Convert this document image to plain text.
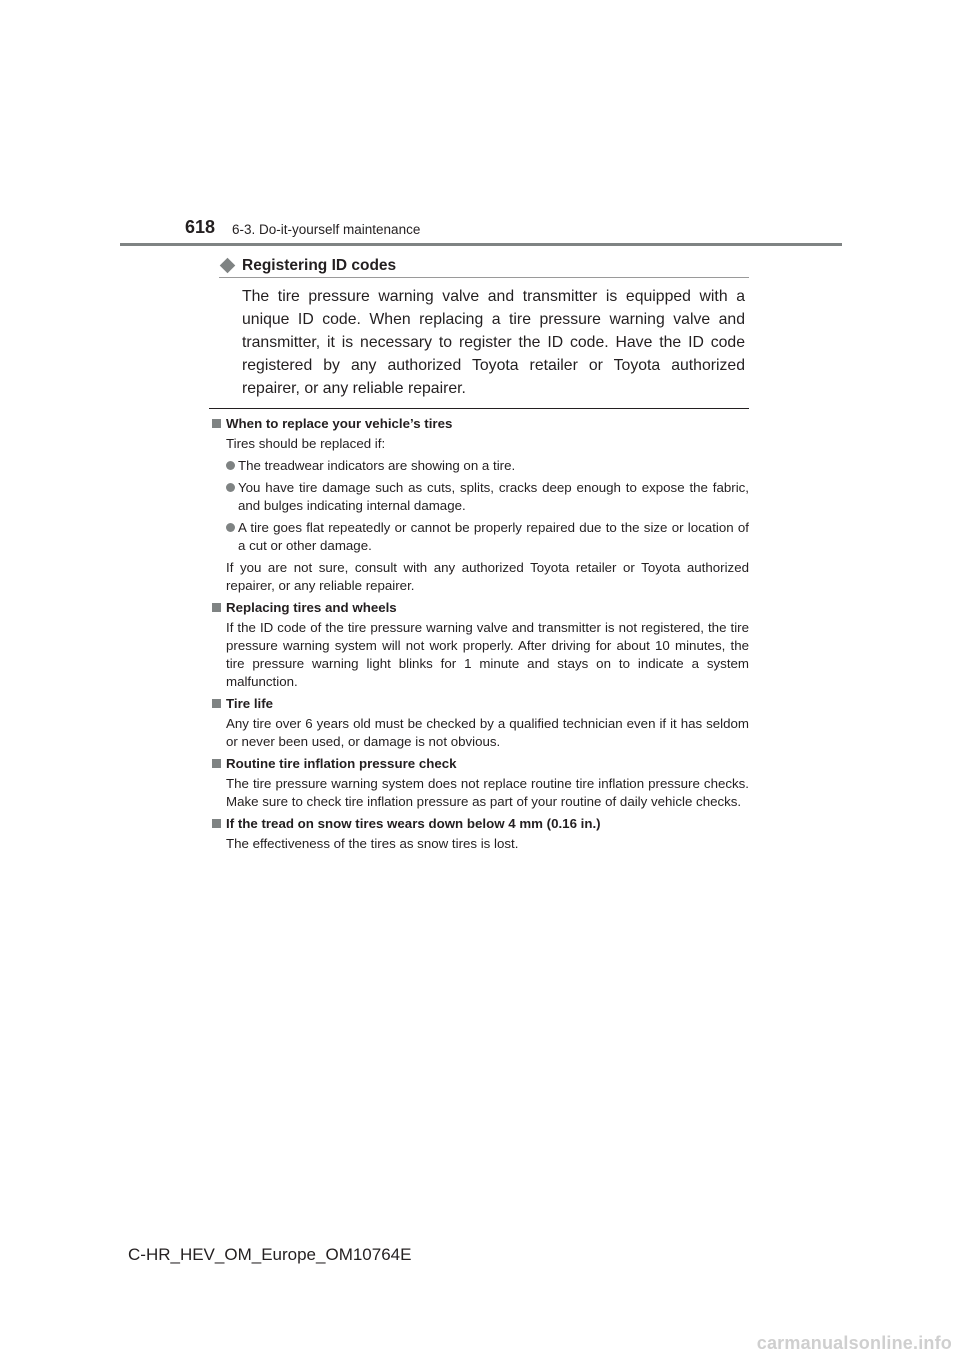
618 6-3. Do-it-yourself maintenance
Registering ID codes

The tire pressure warning valve and transmitter is equipped with a unique ID code. When replacing a tire pressure warning valve and transmitter, it is necessary to register the ID code. Have the ID code registered by any authorized Toyota retailer or Toyota authorized repairer, or any reliable repairer.

When to replace your vehicle’s tires

Tires should be replaced if:

The treadwear indicators are showing on a tire.
You have tire damage such as cuts, splits, cracks deep enough to expose the fabric, and bulges indicating internal damage.
A tire goes flat repeatedly or cannot be properly repaired due to the size or location of a cut or other damage.

If you are not sure, consult with any authorized Toyota retailer or Toyota authorized repairer, or any reliable repairer.

Replacing tires and wheels

If the ID code of the tire pressure warning valve and transmitter is not registered, the tire pressure warning system will not work properly. After driving for about 10 minutes, the tire pressure warning light blinks for 1 minute and stays on to indicate a system malfunction.

Tire life

Any tire over 6 years old must be checked by a qualified technician even if it has seldom or never been used, or damage is not obvious.

Routine tire inflation pressure check

The tire pressure warning system does not replace routine tire inflation pressure checks. Make sure to check tire inflation pressure as part of your routine of daily vehicle checks.

If the tread on snow tires wears down below 4 mm (0.16 in.)

The effectiveness of the tires as snow tires is lost.

C-HR_HEV_OM_Europe_OM10764E
carmanualsonline.info
